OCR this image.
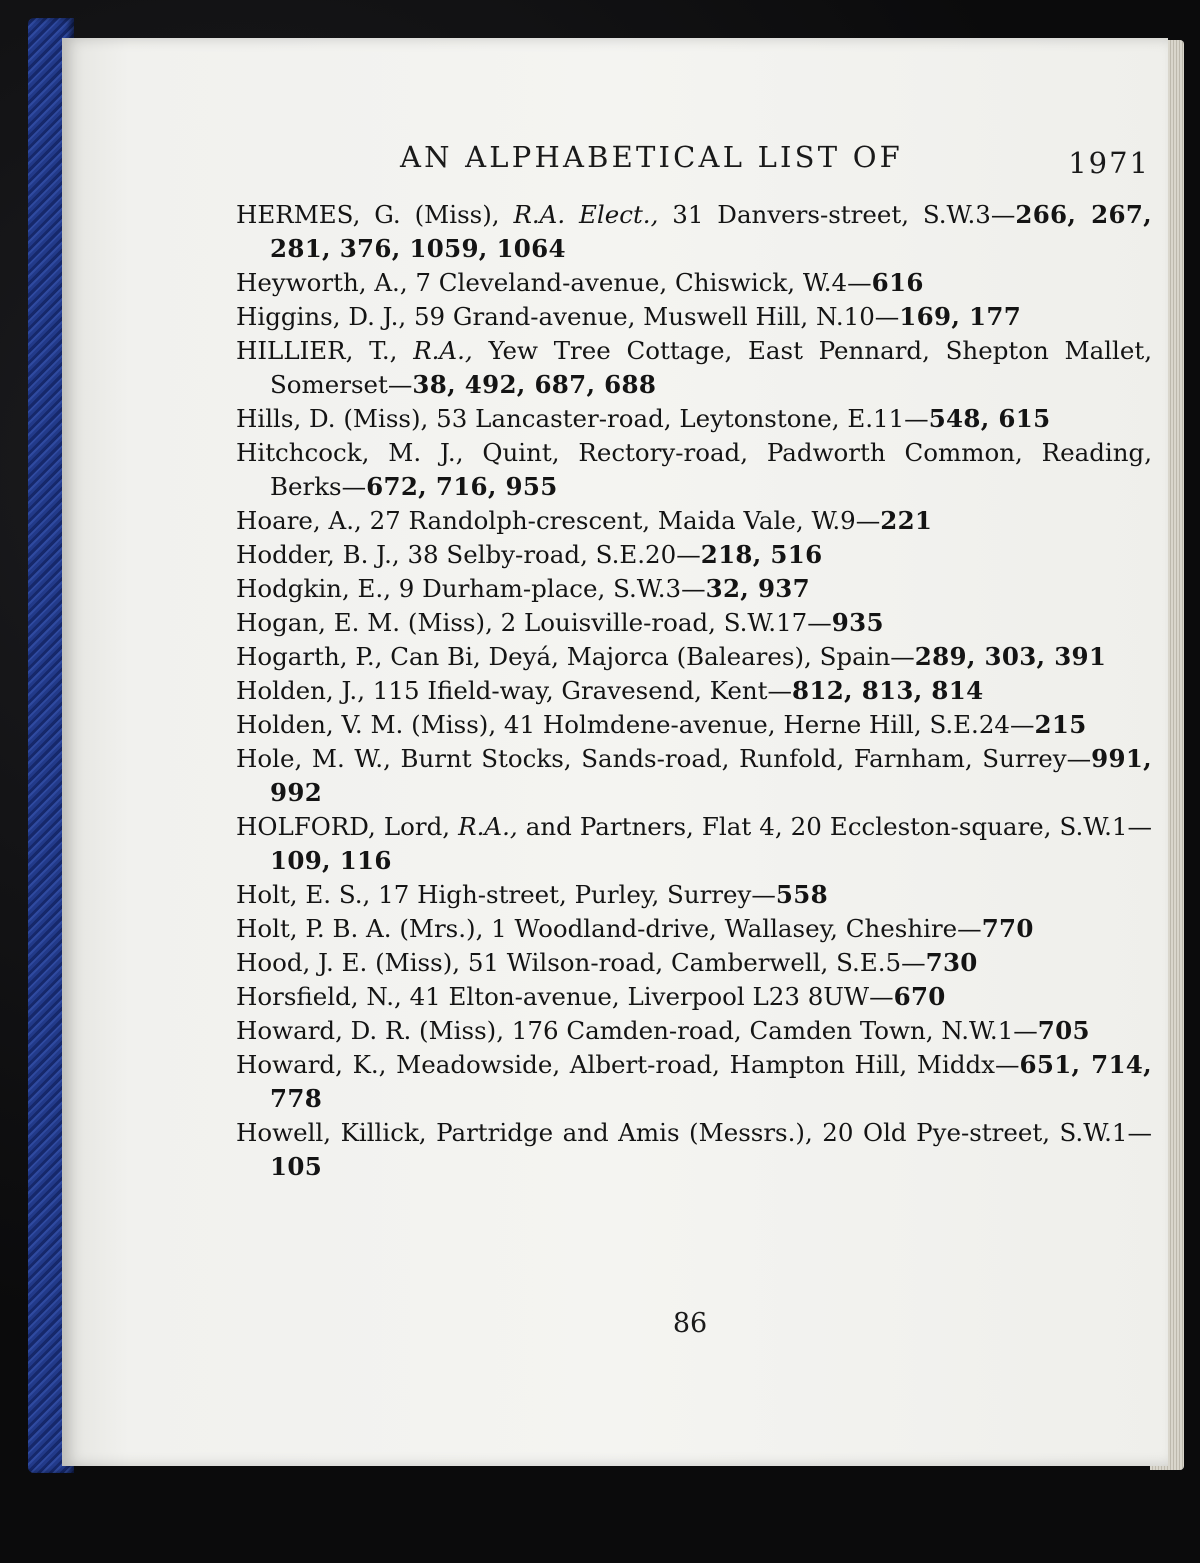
AN ALPHABETICAL LIST OF	1971

HERMES, G. (Miss), R.A. Elect., 31 Danvers-street, S.W.3—266, 267, 281, 376, 1059, 1064

Heyworth, A., 7 Cleveland-avenue, Chiswick, W.4—616

Higgins, D. J., 59 Grand-avenue, Muswell Hill, N.10—169, 177

HILLIER, T., R.A., Yew Tree Cottage, East Pennard, Shepton Mallet, Somerset—38, 492, 687, 688

Hills, D. (Miss), 53 Lancaster-road, Leytonstone, E.11—548, 615

Hitchcock, M. J., Quint, Rectory-road, Padworth Common, Reading, Berks—672, 716, 955

Hoare, A., 27 Randolph-crescent, Maida Vale, W.9—221

Hodder, B. J., 38 Selby-road, S.E.20—218, 516

Hodgkin, E., 9 Durham-place, S.W.3—32, 937

Hogan, E. M. (Miss), 2 Louisville-road, S.W.17—935

Hogarth, P., Can Bi, Deyá, Majorca (Baleares), Spain—289, 303, 391

Holden, J., 115 Ifield-way, Gravesend, Kent—812, 813, 814

Holden, V. M. (Miss), 41 Holmdene-avenue, Herne Hill, S.E.24—215

Hole, M. W., Burnt Stocks, Sands-road, Runfold, Farnham, Surrey—991, 992

HOLFORD, Lord, R.A., and Partners, Flat 4, 20 Eccleston-square, S.W.1—109, 116

Holt, E. S., 17 High-street, Purley, Surrey—558

Holt, P. B. A. (Mrs.), 1 Woodland-drive, Wallasey, Cheshire—770

Hood, J. E. (Miss), 51 Wilson-road, Camberwell, S.E.5—730

Horsfield, N., 41 Elton-avenue, Liverpool L23 8UW—670

Howard, D. R. (Miss), 176 Camden-road, Camden Town, N.W.1—705

Howard, K., Meadowside, Albert-road, Hampton Hill, Middx—651, 714, 778

Howell, Killick, Partridge and Amis (Messrs.), 20 Old Pye-street, S.W.1—105

86
